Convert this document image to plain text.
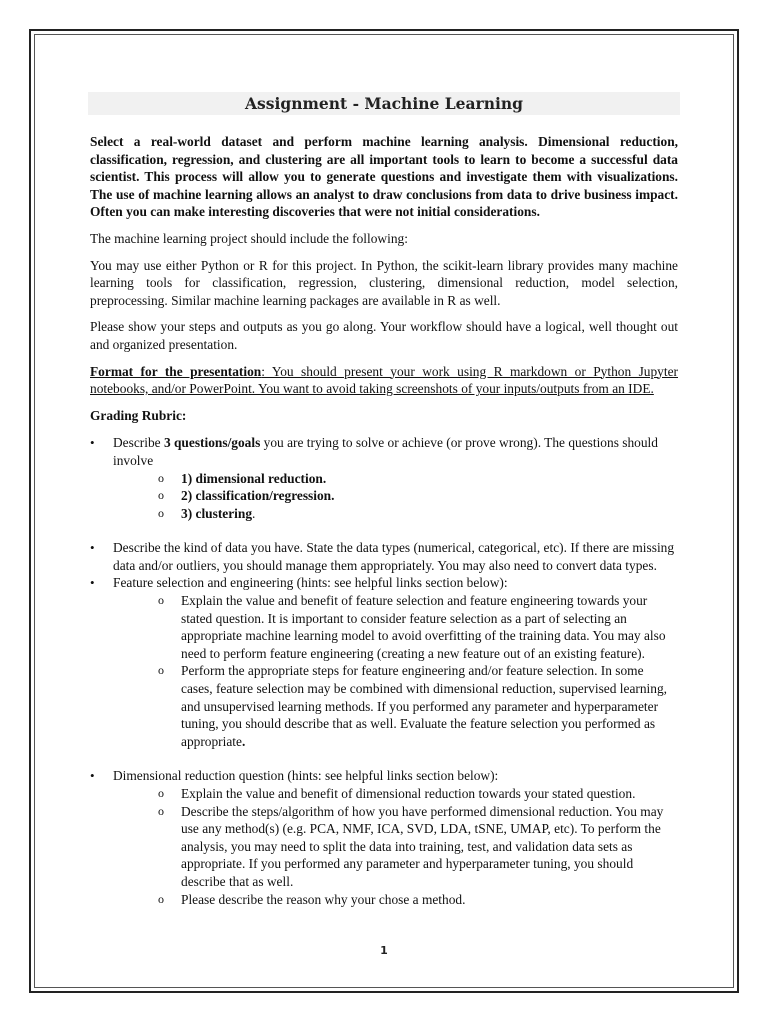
Assignment - Machine Learning

Select a real-world dataset and perform machine learning analysis. Dimensional reduction, classification, regression, and clustering are all important tools to learn to become a successful data scientist. This process will allow you to generate questions and investigate them with visualizations. The use of machine learning allows an analyst to draw conclusions from data to drive business impact. Often you can make interesting discoveries that were not initial considerations.

The machine learning project should include the following:

You may use either Python or R for this project. In Python, the scikit-learn library provides many machine learning tools for classification, regression, clustering, dimensional reduction, model selection, preprocessing. Similar machine learning packages are available in R as well.

Please show your steps and outputs as you go along. Your workflow should have a logical, well thought out and organized presentation.

Format for the presentation: You should present your work using R markdown or Python Jupyter notebooks, and/or PowerPoint. You want to avoid taking screenshots of your inputs/outputs from an IDE.

Grading Rubric:

• Describe 3 questions/goals you are trying to solve or achieve (or prove wrong). The questions should involve
o 1) dimensional reduction.
o 2) classification/regression.
o 3) clustering.
• Describe the kind of data you have. State the data types (numerical, categorical, etc). If there are missing data and/or outliers, you should manage them appropriately. You may also need to convert data types.
• Feature selection and engineering (hints: see helpful links section below):
o Explain the value and benefit of feature selection and feature engineering towards your stated question. It is important to consider feature selection as a part of selecting an appropriate machine learning model to avoid overfitting of the training data. You may also need to perform feature engineering (creating a new feature out of an existing feature).
o Perform the appropriate steps for feature engineering and/or feature selection. In some cases, feature selection may be combined with dimensional reduction, supervised learning, and unsupervised learning methods. If you performed any parameter and hyperparameter tuning, you should describe that as well. Evaluate the feature selection you performed as appropriate.
• Dimensional reduction question (hints: see helpful links section below):
o Explain the value and benefit of dimensional reduction towards your stated question.
o Describe the steps/algorithm of how you have performed dimensional reduction. You may use any method(s) (e.g. PCA, NMF, ICA, SVD, LDA, tSNE, UMAP, etc). To perform the analysis, you may need to split the data into training, test, and validation data sets as appropriate. If you performed any parameter and hyperparameter tuning, you should describe that as well.
o Please describe the reason why your chose a method.
1
